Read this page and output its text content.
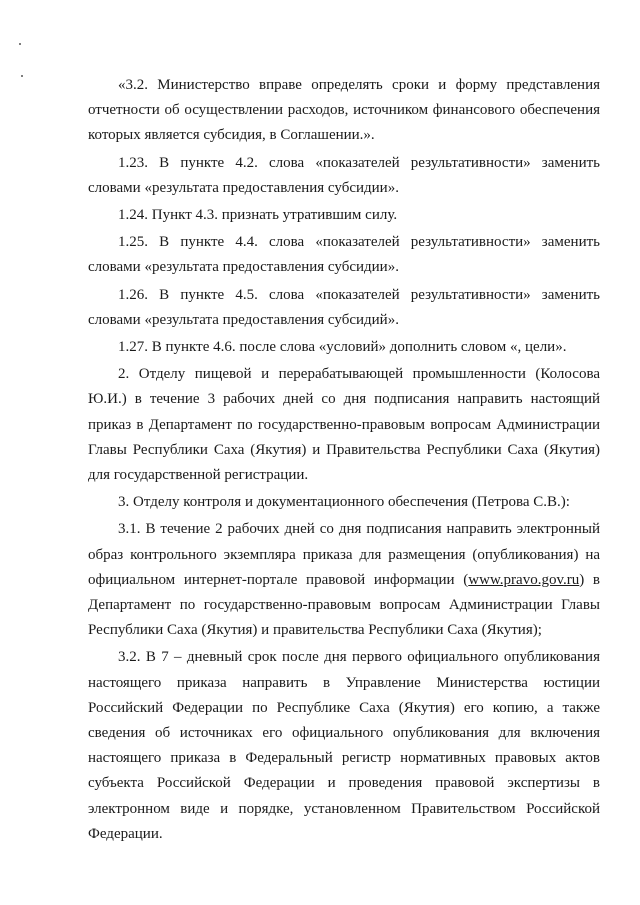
«3.2. Министерство вправе определять сроки и форму представления отчетности об осуществлении расходов, источником финансового обеспечения которых является субсидия, в Соглашении.».

1.23. В пункте 4.2. слова «показателей результативности» заменить словами «результата предоставления субсидии».

1.24. Пункт 4.3. признать утратившим силу.

1.25. В пункте 4.4. слова «показателей результативности» заменить словами «результата предоставления субсидии».

1.26. В пункте 4.5. слова «показателей результативности» заменить словами «результата предоставления субсидий».

1.27. В пункте 4.6. после слова «условий» дополнить словом «, цели».

2. Отделу пищевой и перерабатывающей промышленности (Колосова Ю.И.) в течение 3 рабочих дней со дня подписания направить настоящий приказ в Департамент по государственно-правовым вопросам Администрации Главы Республики Саха (Якутия) и Правительства Республики Саха (Якутия) для государственной регистрации.

3. Отделу контроля и документационного обеспечения (Петрова С.В.):

3.1. В течение 2 рабочих дней со дня подписания направить электронный образ контрольного экземпляра приказа для размещения (опубликования) на официальном интернет-портале правовой информации (www.pravo.gov.ru) в Департамент по государственно-правовым вопросам Администрации Главы Республики Саха (Якутия) и правительства Республики Саха (Якутия);

3.2. В 7 – дневный срок после дня первого официального опубликования настоящего приказа направить в Управление Министерства юстиции Российский Федерации по Республике Саха (Якутия) его копию, а также сведения об источниках его официального опубликования для включения настоящего приказа в Федеральный регистр нормативных правовых актов субъекта Российской Федерации и проведения правовой экспертизы в электронном виде и порядке, установленном Правительством Российской Федерации.
